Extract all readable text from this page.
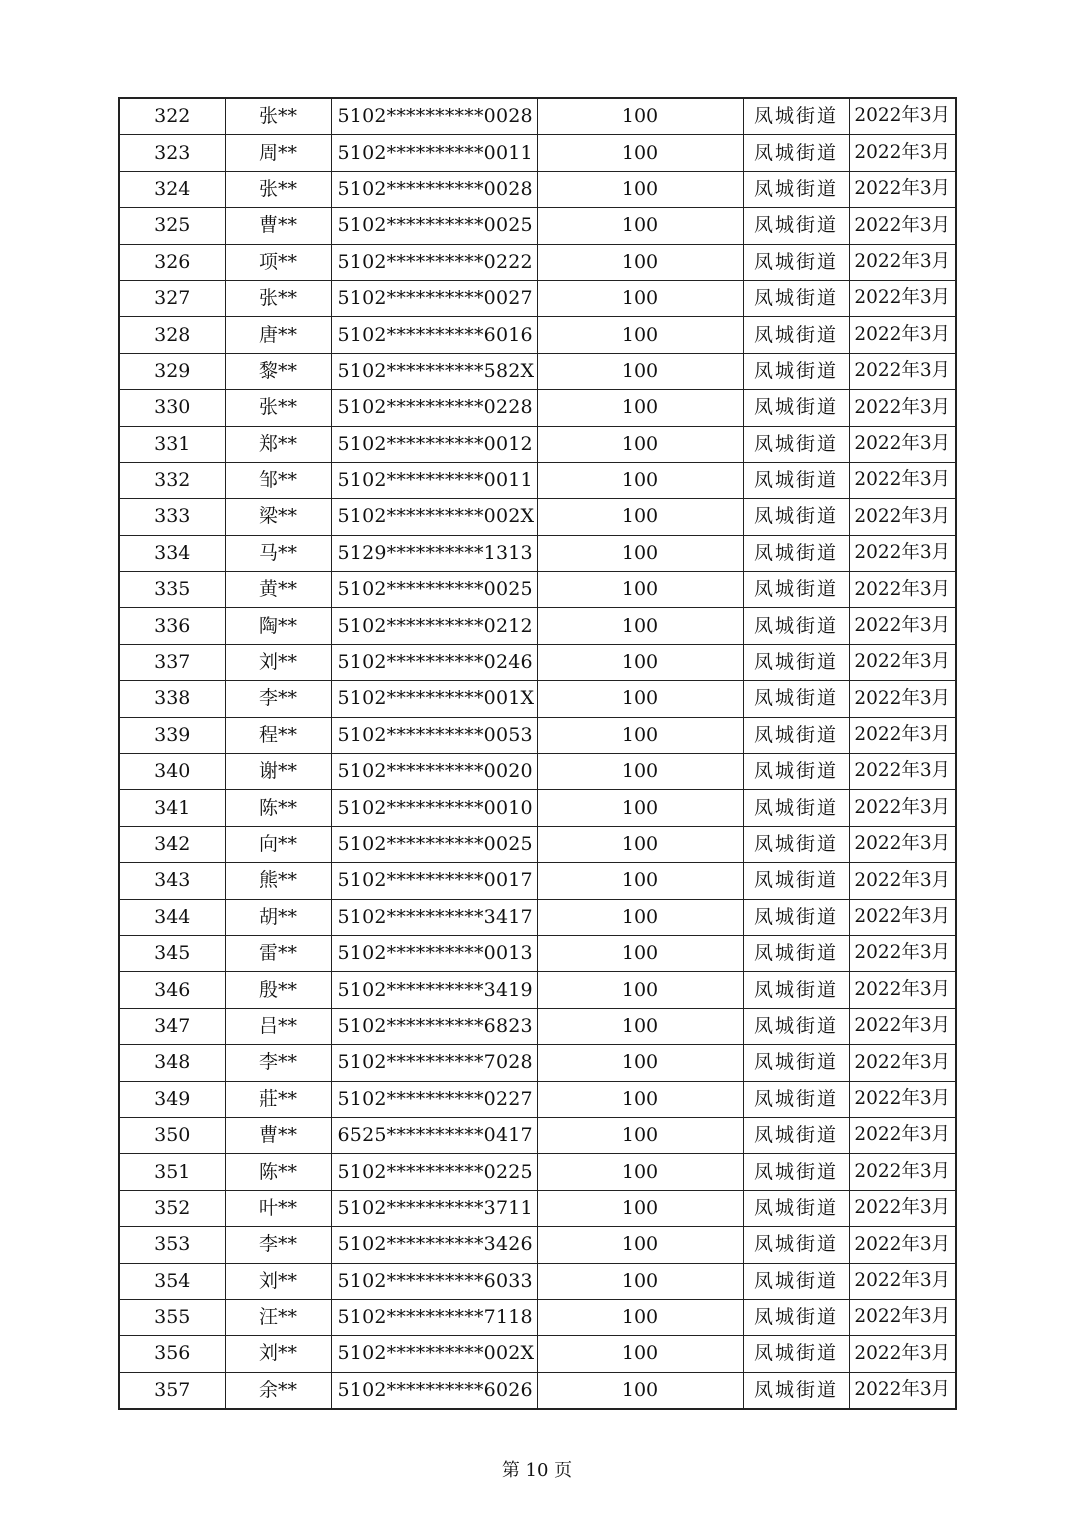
322	张**	5102**********0028	100	凤城街道	2022年3月
323	周**	5102**********0011	100	凤城街道	2022年3月
324	张**	5102**********0028	100	凤城街道	2022年3月
325	曹**	5102**********0025	100	凤城街道	2022年3月
326	项**	5102**********0222	100	凤城街道	2022年3月
327	张**	5102**********0027	100	凤城街道	2022年3月
328	唐**	5102**********6016	100	凤城街道	2022年3月
329	黎**	5102**********582X	100	凤城街道	2022年3月
330	张**	5102**********0228	100	凤城街道	2022年3月
331	郑**	5102**********0012	100	凤城街道	2022年3月
332	邹**	5102**********0011	100	凤城街道	2022年3月
333	梁**	5102**********002X	100	凤城街道	2022年3月
334	马**	5129**********1313	100	凤城街道	2022年3月
335	黄**	5102**********0025	100	凤城街道	2022年3月
336	陶**	5102**********0212	100	凤城街道	2022年3月
337	刘**	5102**********0246	100	凤城街道	2022年3月
338	李**	5102**********001X	100	凤城街道	2022年3月
339	程**	5102**********0053	100	凤城街道	2022年3月
340	谢**	5102**********0020	100	凤城街道	2022年3月
341	陈**	5102**********0010	100	凤城街道	2022年3月
342	向**	5102**********0025	100	凤城街道	2022年3月
343	熊**	5102**********0017	100	凤城街道	2022年3月
344	胡**	5102**********3417	100	凤城街道	2022年3月
345	雷**	5102**********0013	100	凤城街道	2022年3月
346	殷**	5102**********3419	100	凤城街道	2022年3月
347	吕**	5102**********6823	100	凤城街道	2022年3月
348	李**	5102**********7028	100	凤城街道	2022年3月
349	莊**	5102**********0227	100	凤城街道	2022年3月
350	曹**	6525**********0417	100	凤城街道	2022年3月
351	陈**	5102**********0225	100	凤城街道	2022年3月
352	叶**	5102**********3711	100	凤城街道	2022年3月
353	李**	5102**********3426	100	凤城街道	2022年3月
354	刘**	5102**********6033	100	凤城街道	2022年3月
355	汪**	5102**********7118	100	凤城街道	2022年3月
356	刘**	5102**********002X	100	凤城街道	2022年3月
357	余**	5102**********6026	100	凤城街道	2022年3月
第 10 页
